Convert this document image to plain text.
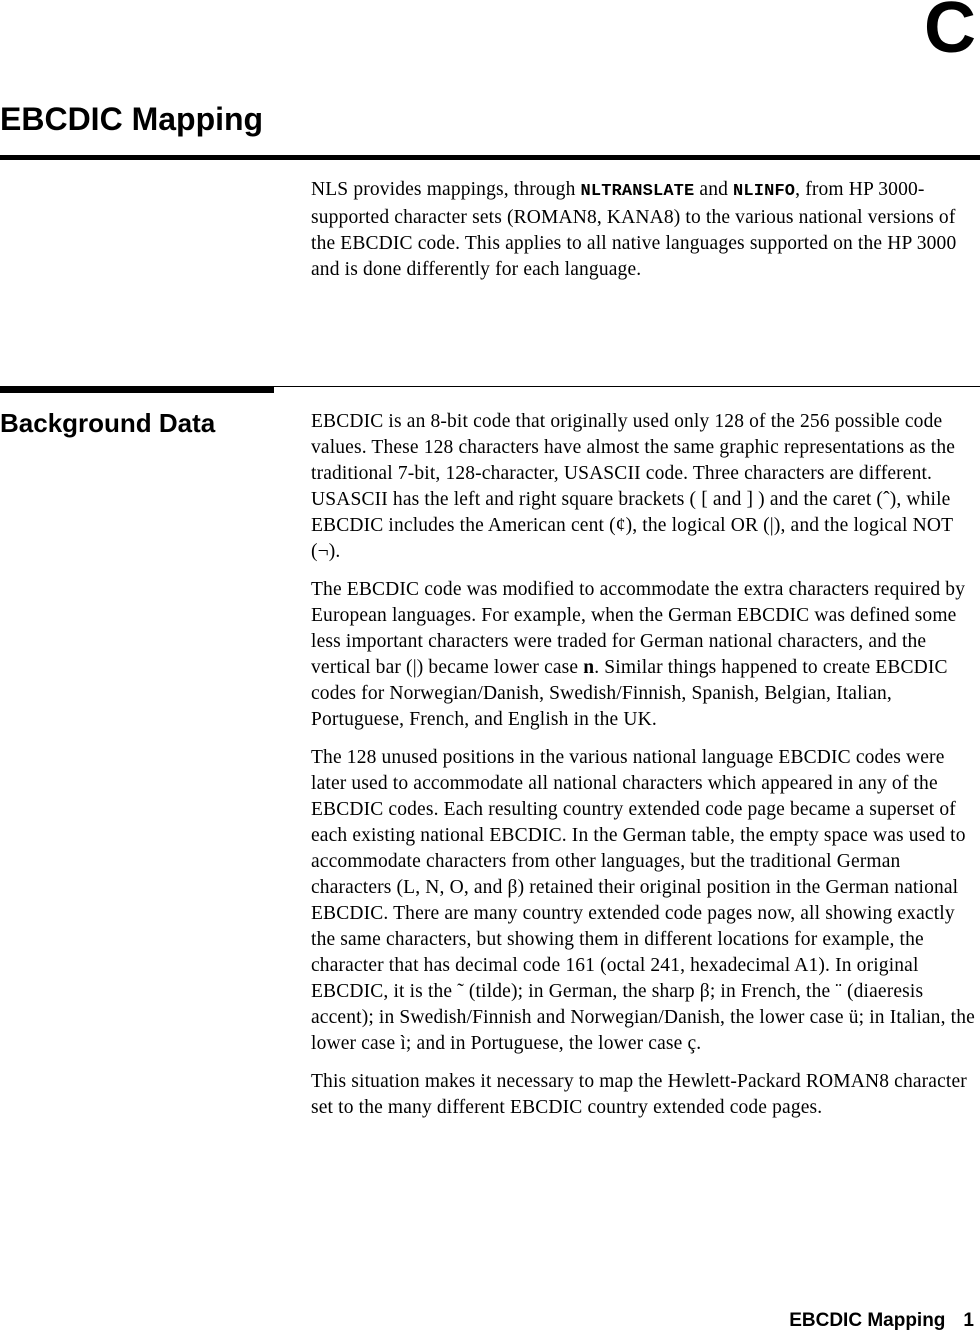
C
EBCDIC Mapping

NLS provides mappings, through NLTRANSLATE and NLINFO, from HP 3000-supported character sets (ROMAN8, KANA8) to the various national versions of the EBCDIC code. This applies to all native languages supported on the HP 3000 and is done differently for each language.

Background Data	EBCDIC is an 8-bit code that originally used only 128 of the 256 possible code values. These 128 characters have almost the same graphic representations as the traditional 7-bit, 128-character, USASCII code. Three characters are different. USASCII has the left and right square brackets ( [ and ] ) and the caret (ˆ), while EBCDIC includes the American cent (¢), the logical OR (|), and the logical NOT (¬).

The EBCDIC code was modified to accommodate the extra characters required by European languages. For example, when the German EBCDIC was defined some less important characters were traded for German national characters, and the vertical bar (|) became lower case n. Similar things happened to create EBCDIC codes for Norwegian/Danish, Swedish/Finnish, Spanish, Belgian, Italian, Portuguese, French, and English in the UK.

The 128 unused positions in the various national language EBCDIC codes were later used to accommodate all national characters which appeared in any of the EBCDIC codes. Each resulting country extended code page became a superset of each existing national EBCDIC. In the German table, the empty space was used to accommodate characters from other languages, but the traditional German characters (L, N, O, and β) retained their original position in the German national EBCDIC. There are many country extended code pages now, all showing exactly the same characters, but showing them in different locations for example, the character that has decimal code 161 (octal 241, hexadecimal A1). In original EBCDIC, it is the ˜ (tilde); in German, the sharp β; in French, the ¨ (diaeresis accent); in Swedish/Finnish and Norwegian/Danish, the lower case ü; in Italian, the lower case ì; and in Portuguese, the lower case ç.

This situation makes it necessary to map the Hewlett-Packard ROMAN8 character set to the many different EBCDIC country extended code pages.

EBCDIC Mapping 1
